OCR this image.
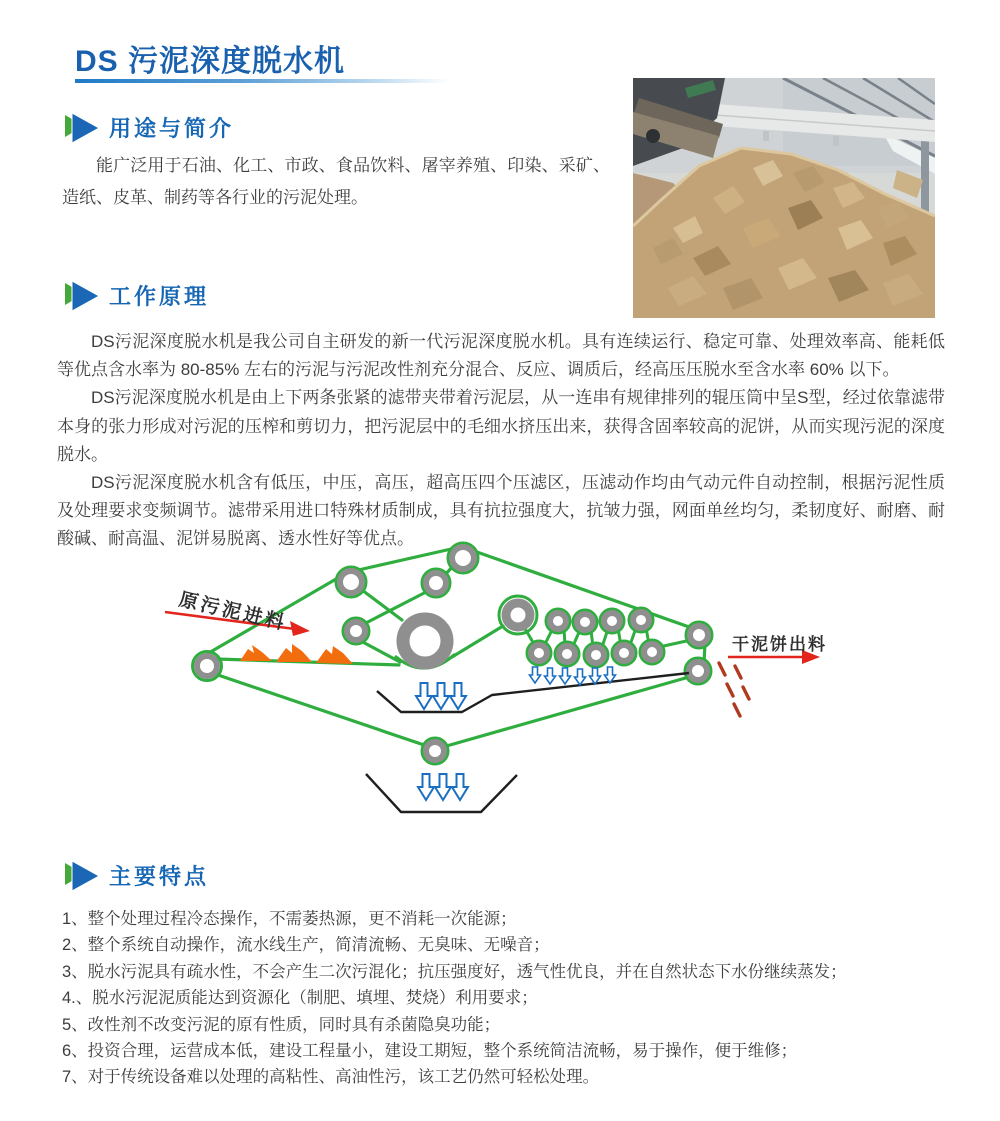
DS 污泥深度脱水机
用途与简介
能广泛用于石油、化工、市政、食品饮料、屠宰养殖、印染、采矿、造纸、皮革、制药等各行业的污泥处理。
工作原理

DS污泥深度脱水机是我公司自主研发的新一代污泥深度脱水机。具有连续运行、稳定可靠、处理效率高、能耗低等优点含水率为 80-85% 左右的污泥与污泥改性剂充分混合、反应、调质后，经高压压脱水至含水率 60% 以下。

DS污泥深度脱水机是由上下两条张紧的滤带夹带着污泥层，从一连串有规律排列的辊压筒中呈S型，经过依靠滤带本身的张力形成对污泥的压榨和剪切力，把污泥层中的毛细水挤压出来，获得含固率较高的泥饼，从而实现污泥的深度脱水。

DS污泥深度脱水机含有低压，中压，高压，超高压四个压滤区，压滤动作均由气动元件自动控制，根据污泥性质及处理要求变频调节。滤带采用进口特殊材质制成，具有抗拉强度大，抗皱力强，网面单丝均匀，柔韧度好、耐磨、耐酸碱、耐高温、泥饼易脱离、透水性好等优点。

原污泥进料
干泥饼出料
主要特点
1、整个处理过程冷态操作，不需萎热源，更不消耗一次能源；
2、整个系统自动操作，流水线生产，简清流畅、无臭味、无噪音；
3、脱水污泥具有疏水性，不会产生二次污混化；抗压强度好，透气性优良，并在自然状态下水份继续蒸发；
4.、脱水污泥泥质能达到资源化（制肥、填埋、焚烧）利用要求；
5、改性剂不改变污泥的原有性质，同时具有杀菌隐臭功能；
6、投资合理，运营成本低，建设工程量小，建设工期短，整个系统简洁流畅，易于操作，便于维修；
7、对于传统设备难以处理的高粘性、高油性污，该工艺仍然可轻松处理。
